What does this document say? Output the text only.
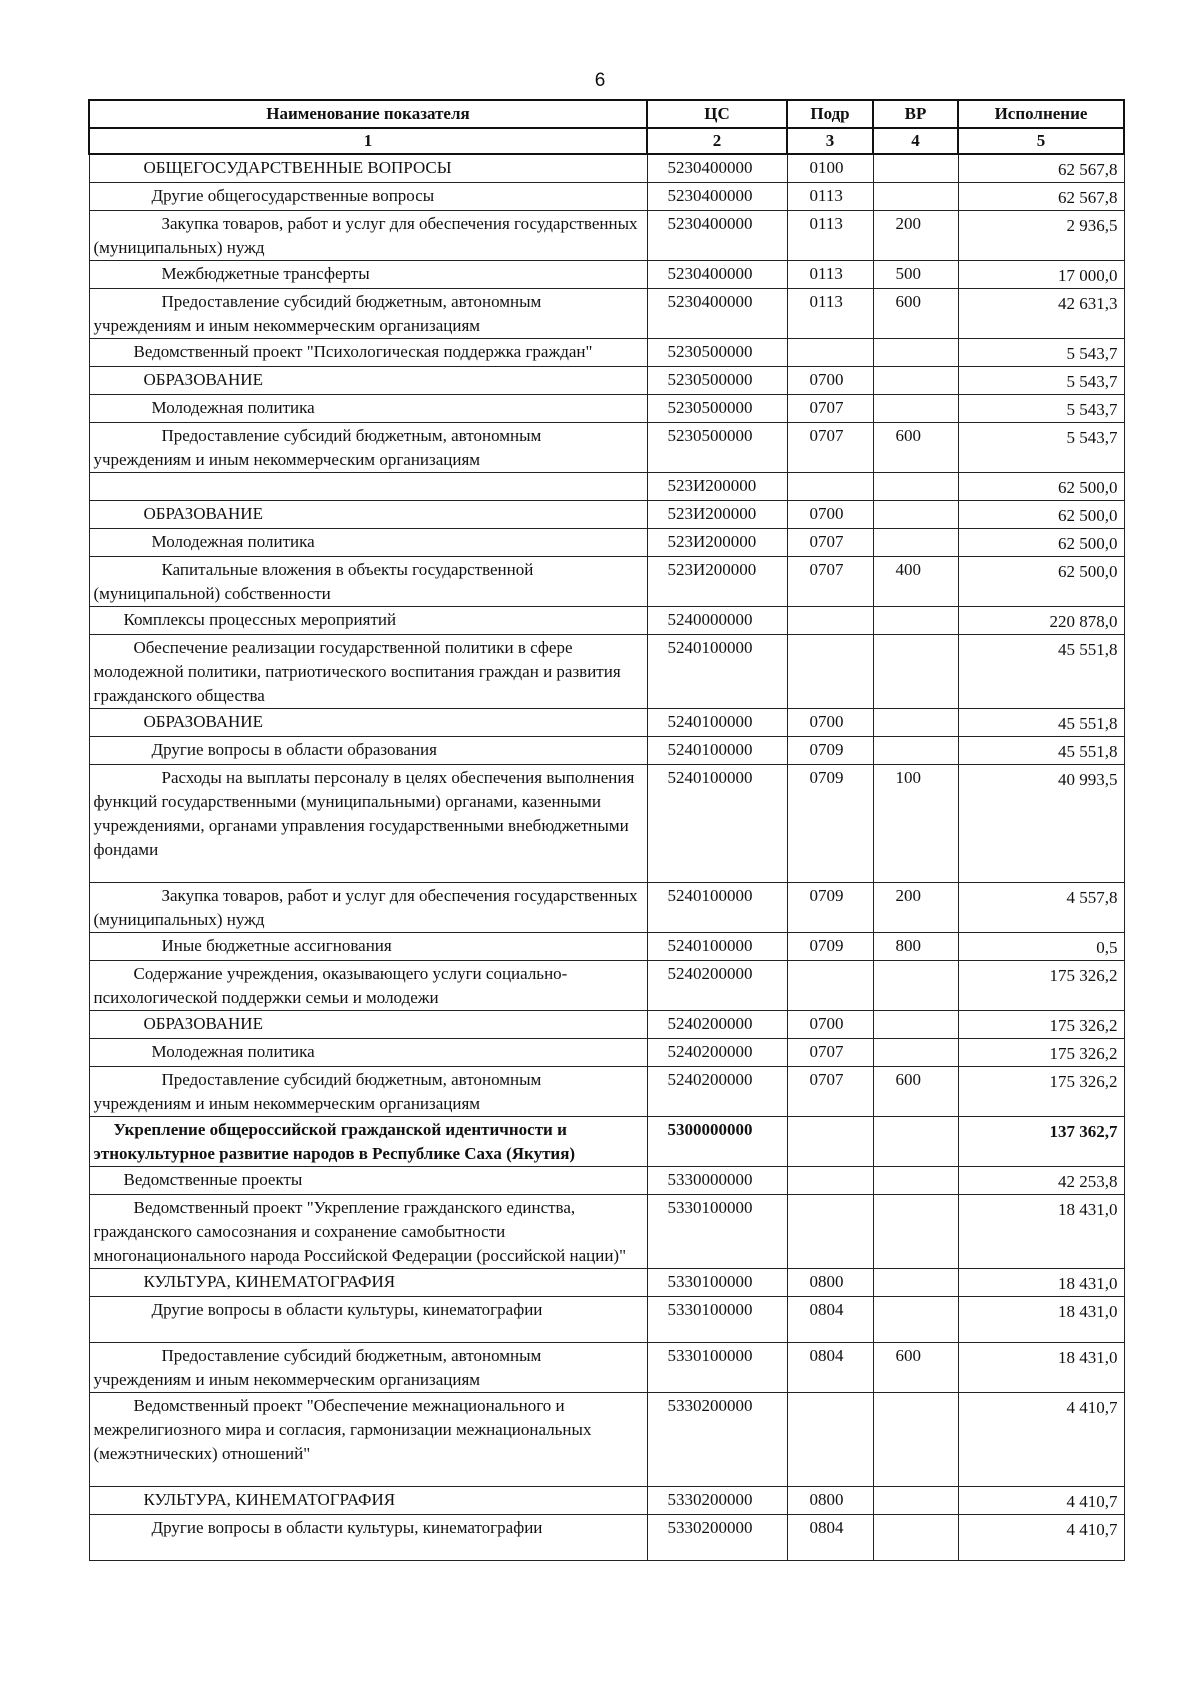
6
Наименование показателя	ЦС	Подр	ВР	Исполнение
1	2	3	4	5

ОБЩЕГОСУДАРСТВЕННЫЕ ВОПРОСЫ	5230400000	0100		62 567,8

Другие общегосударственные вопросы	5230400000	0113		62 567,8

Закупка товаров, работ и услуг для обеспечения государственных (муниципальных) нужд	5230400000	0113	200	2 936,5

Межбюджетные трансферты	5230400000	0113	500	17 000,0

Предоставление субсидий бюджетным, автономным учреждениям и иным некоммерческим организациям	5230400000	0113	600	42 631,3

Ведомственный проект "Психологическая поддержка граждан"	5230500000			5 543,7

ОБРАЗОВАНИЕ	5230500000	0700		5 543,7

Молодежная политика	5230500000	0707		5 543,7

Предоставление субсидий бюджетным, автономным учреждениям и иным некоммерческим организациям	5230500000	0707	600	5 543,7

	523И200000			62 500,0

ОБРАЗОВАНИЕ	523И200000	0700		62 500,0

Молодежная политика	523И200000	0707		62 500,0

Капитальные вложения в объекты государственной (муниципальной) собственности	523И200000	0707	400	62 500,0

Комплексы процессных мероприятий	5240000000			220 878,0

Обеспечение реализации государственной политики в сфере молодежной политики, патриотического воспитания граждан и развития гражданского общества	5240100000			45 551,8

ОБРАЗОВАНИЕ	5240100000	0700		45 551,8

Другие вопросы в области образования	5240100000	0709		45 551,8

Расходы на выплаты персоналу в целях обеспечения выполнения функций государственными (муниципальными) органами, казенными учреждениями, органами управления государственными внебюджетными фондами	5240100000	0709	100	40 993,5

Закупка товаров, работ и услуг для обеспечения государственных (муниципальных) нужд	5240100000	0709	200	4 557,8

Иные бюджетные ассигнования	5240100000	0709	800	0,5

Содержание учреждения, оказывающего услуги социально-психологической поддержки семьи и молодежи	5240200000			175 326,2

ОБРАЗОВАНИЕ	5240200000	0700		175 326,2

Молодежная политика	5240200000	0707		175 326,2

Предоставление субсидий бюджетным, автономным учреждениям и иным некоммерческим организациям	5240200000	0707	600	175 326,2

Укрепление общероссийской гражданской идентичности и этнокультурное развитие народов в Республике Саха (Якутия)	5300000000			137 362,7

Ведомственные проекты	5330000000			42 253,8

Ведомственный проект "Укрепление гражданского единства, гражданского самосознания и сохранение самобытности многонационального народа Российской Федерации (российской нации)"	5330100000			18 431,0

КУЛЬТУРА, КИНЕМАТОГРАФИЯ	5330100000	0800		18 431,0

Другие вопросы в области культуры, кинематографии	5330100000	0804		18 431,0

Предоставление субсидий бюджетным, автономным учреждениям и иным некоммерческим организациям	5330100000	0804	600	18 431,0

Ведомственный проект "Обеспечение межнационального и межрелигиозного мира и согласия, гармонизации межнациональных (межэтнических) отношений"	5330200000			4 410,7

КУЛЬТУРА, КИНЕМАТОГРАФИЯ	5330200000	0800		4 410,7

Другие вопросы в области культуры, кинематографии	5330200000	0804		4 410,7
